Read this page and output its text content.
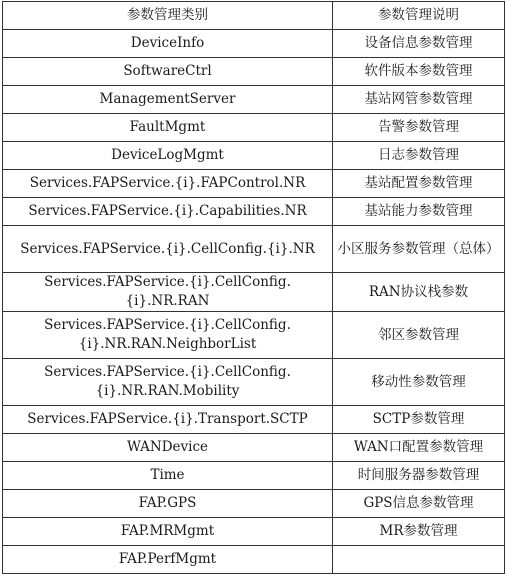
参数管理类别	参数管理说明
DeviceInfo	设备信息参数管理
SoftwareCtrl	软件版本参数管理
ManagementServer	基站网管参数管理
FaultMgmt	告警参数管理
DeviceLogMgmt	日志参数管理
Services.FAPService.{i}.FAPControl.NR	基站配置参数管理
Services.FAPService.{i}.Capabilities.NR	基站能力参数管理
Services.FAPService.{i}.CellConfig.{i}.NR	小区服务参数管理（总体）
Services.FAPService.{i}.CellConfig.{i}.NR.RAN	RAN协议栈参数
Services.FAPService.{i}.CellConfig.{i}.NR.RAN.NeighborList	邻区参数管理
Services.FAPService.{i}.CellConfig.{i}.NR.RAN.Mobility	移动性参数管理
Services.FAPService.{i}.Transport.SCTP	SCTP参数管理
WANDevice	WAN口配置参数管理
Time	时间服务器参数管理
FAP.GPS	GPS信息参数管理
FAP.MRMgmt	MR参数管理
FAP.PerfMgmt	
